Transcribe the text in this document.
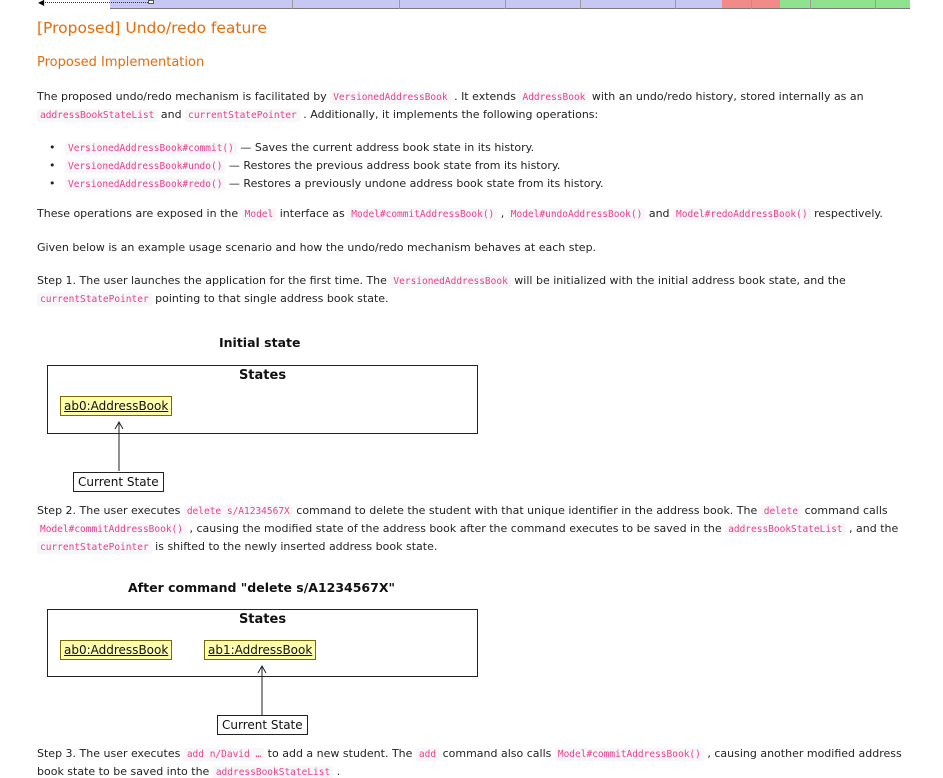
◀
[Proposed] Undo/redo feature
Proposed Implementation

The proposed undo/redo mechanism is facilitated by VersionedAddressBook . It extends AddressBook with an undo/redo history, stored internally as an
addressBookStateList and currentStatePointer . Additionally, it implements the following operations:

• VersionedAddressBook#commit() — Saves the current address book state in its history.
• VersionedAddressBook#undo() — Restores the previous address book state from its history.
• VersionedAddressBook#redo() — Restores a previously undone address book state from its history.

These operations are exposed in the Model interface as Model#commitAddressBook() , Model#undoAddressBook() and Model#redoAddressBook() respectively.

Given below is an example usage scenario and how the undo/redo mechanism behaves at each step.

Step 1. The user launches the application for the first time. The VersionedAddressBook will be initialized with the initial address book state, and the
currentStatePointer pointing to that single address book state.

Initial state
States
ab0:AddressBook
Current State

Step 2. The user executes delete s/A1234567X command to delete the student with that unique identifier in the address book. The delete command calls
Model#commitAddressBook() , causing the modified state of the address book after the command executes to be saved in the addressBookStateList , and the
currentStatePointer is shifted to the newly inserted address book state.

After command "delete s/A1234567X"
States
ab0:AddressBook	ab1:AddressBook
Current State

Step 3. The user executes add n/David … to add a new student. The add command also calls Model#commitAddressBook() , causing another modified address book state to be saved into the addressBookStateList .
